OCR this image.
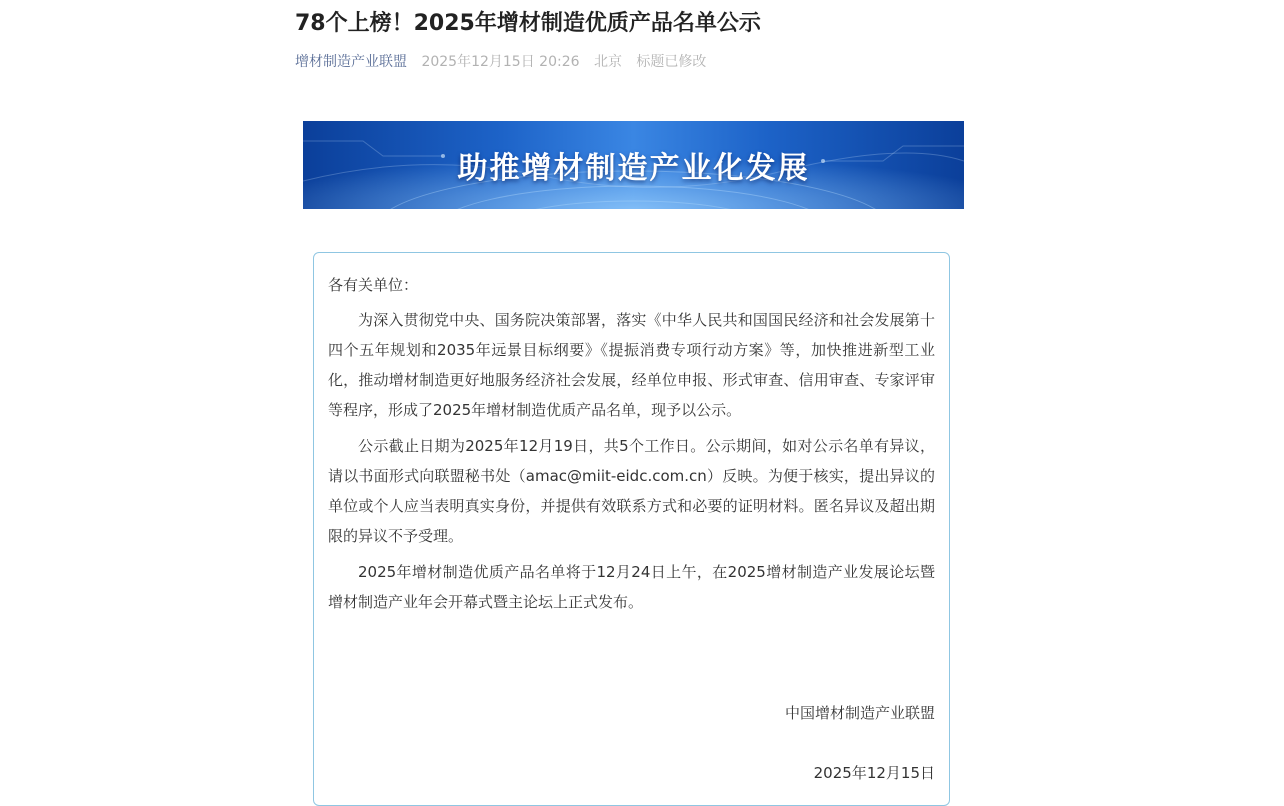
78个上榜！2025年增材制造优质产品名单公示
增材制造产业联盟 2025年12月15日 20:26 北京 标题已修改
助推增材制造产业化发展

各有关单位：

为深入贯彻党中央、国务院决策部署，落实《中华人民共和国国民经济和社会发展第十四个五年规划和2035年远景目标纲要》《提振消费专项行动方案》等，加快推进新型工业化，推动增材制造更好地服务经济社会发展，经单位申报、形式审查、信用审查、专家评审等程序，形成了2025年增材制造优质产品名单，现予以公示。

公示截止日期为2025年12月19日，共5个工作日。公示期间，如对公示名单有异议，请以书面形式向联盟秘书处（amac@miit-eidc.com.cn）反映。为便于核实，提出异议的单位或个人应当表明真实身份，并提供有效联系方式和必要的证明材料。匿名异议及超出期限的异议不予受理。

2025年增材制造优质产品名单将于12月24日上午，在2025增材制造产业发展论坛暨增材制造产业年会开幕式暨主论坛上正式发布。

中国增材制造产业联盟
2025年12月15日
